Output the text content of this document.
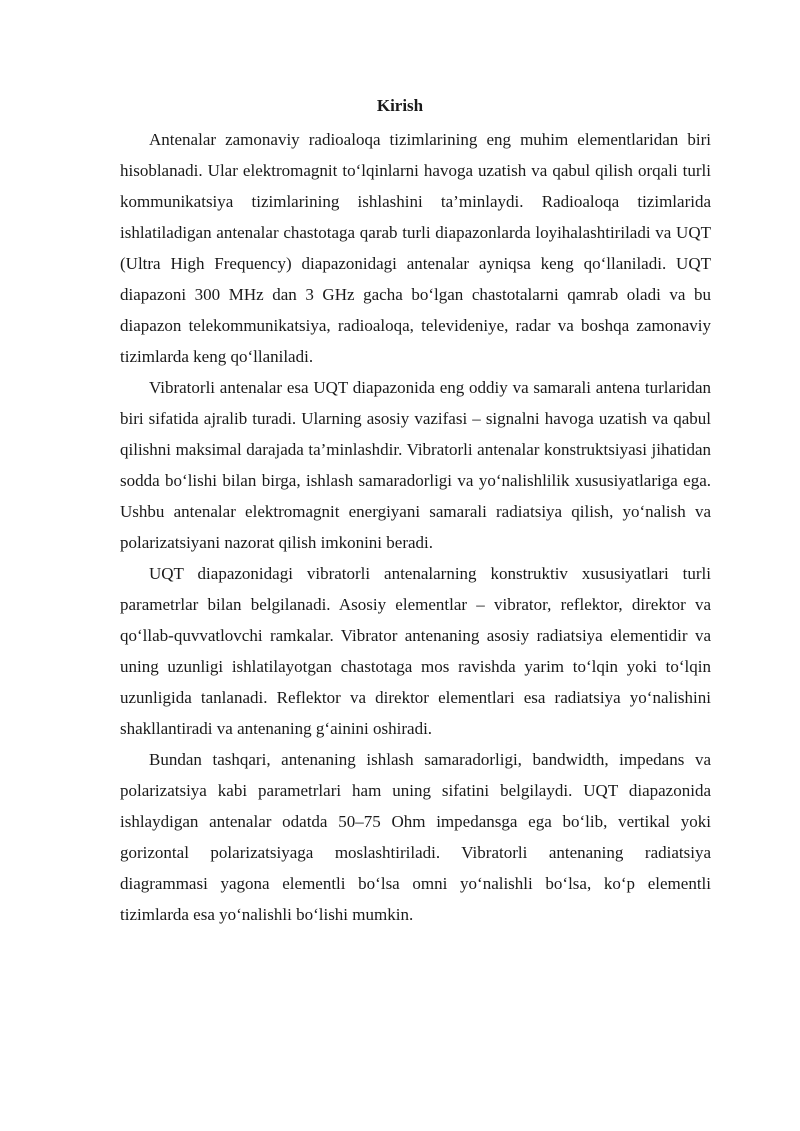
Kirish

Antenalar zamonaviy radioaloqa tizimlarining eng muhim elementlaridan biri hisoblanadi. Ular elektromagnit to‘lqinlarni havoga uzatish va qabul qilish orqali turli kommunikatsiya tizimlarining ishlashini ta’minlaydi. Radioaloqa tizimlarida ishlatiladigan antenalar chastotaga qarab turli diapazonlarda loyihalashtiriladi va UQT (Ultra High Frequency) diapazonidagi antenalar ayniqsa keng qo‘llaniladi. UQT diapazoni 300 MHz dan 3 GHz gacha bo‘lgan chastotalarni qamrab oladi va bu diapazon telekommunikatsiya, radioaloqa, televideniye, radar va boshqa zamonaviy tizimlarda keng qo‘llaniladi.

Vibratorli antenalar esa UQT diapazonida eng oddiy va samarali antena turlaridan biri sifatida ajralib turadi. Ularning asosiy vazifasi – signalni havoga uzatish va qabul qilishni maksimal darajada ta’minlashdir. Vibratorli antenalar konstruktsiyasi jihatidan sodda bo‘lishi bilan birga, ishlash samaradorligi va yo‘nalishlilik xususiyatlariga ega. Ushbu antenalar elektromagnit energiyani samarali radiatsiya qilish, yo‘nalish va polarizatsiyani nazorat qilish imkonini beradi.

UQT diapazonidagi vibratorli antenalarning konstruktiv xususiyatlari turli parametrlar bilan belgilanadi. Asosiy elementlar – vibrator, reflektor, direktor va qo‘llab-quvvatlovchi ramkalar. Vibrator antenaning asosiy radiatsiya elementidir va uning uzunligi ishlatilayotgan chastotaga mos ravishda yarim to‘lqin yoki to‘lqin uzunligida tanlanadi. Reflektor va direktor elementlari esa radiatsiya yo‘nalishini shakllantiradi va antenaning g‘ainini oshiradi.

Bundan tashqari, antenaning ishlash samaradorligi, bandwidth, impedans va polarizatsiya kabi parametrlari ham uning sifatini belgilaydi. UQT diapazonida ishlaydigan antenalar odatda 50–75 Ohm impedansga ega bo‘lib, vertikal yoki gorizontal polarizatsiyaga moslashtiriladi. Vibratorli antenaning radiatsiya diagrammasi yagona elementli bo‘lsa omni yo‘nalishli bo‘lsa, ko‘p elementli tizimlarda esa yo‘nalishli bo‘lishi mumkin.
